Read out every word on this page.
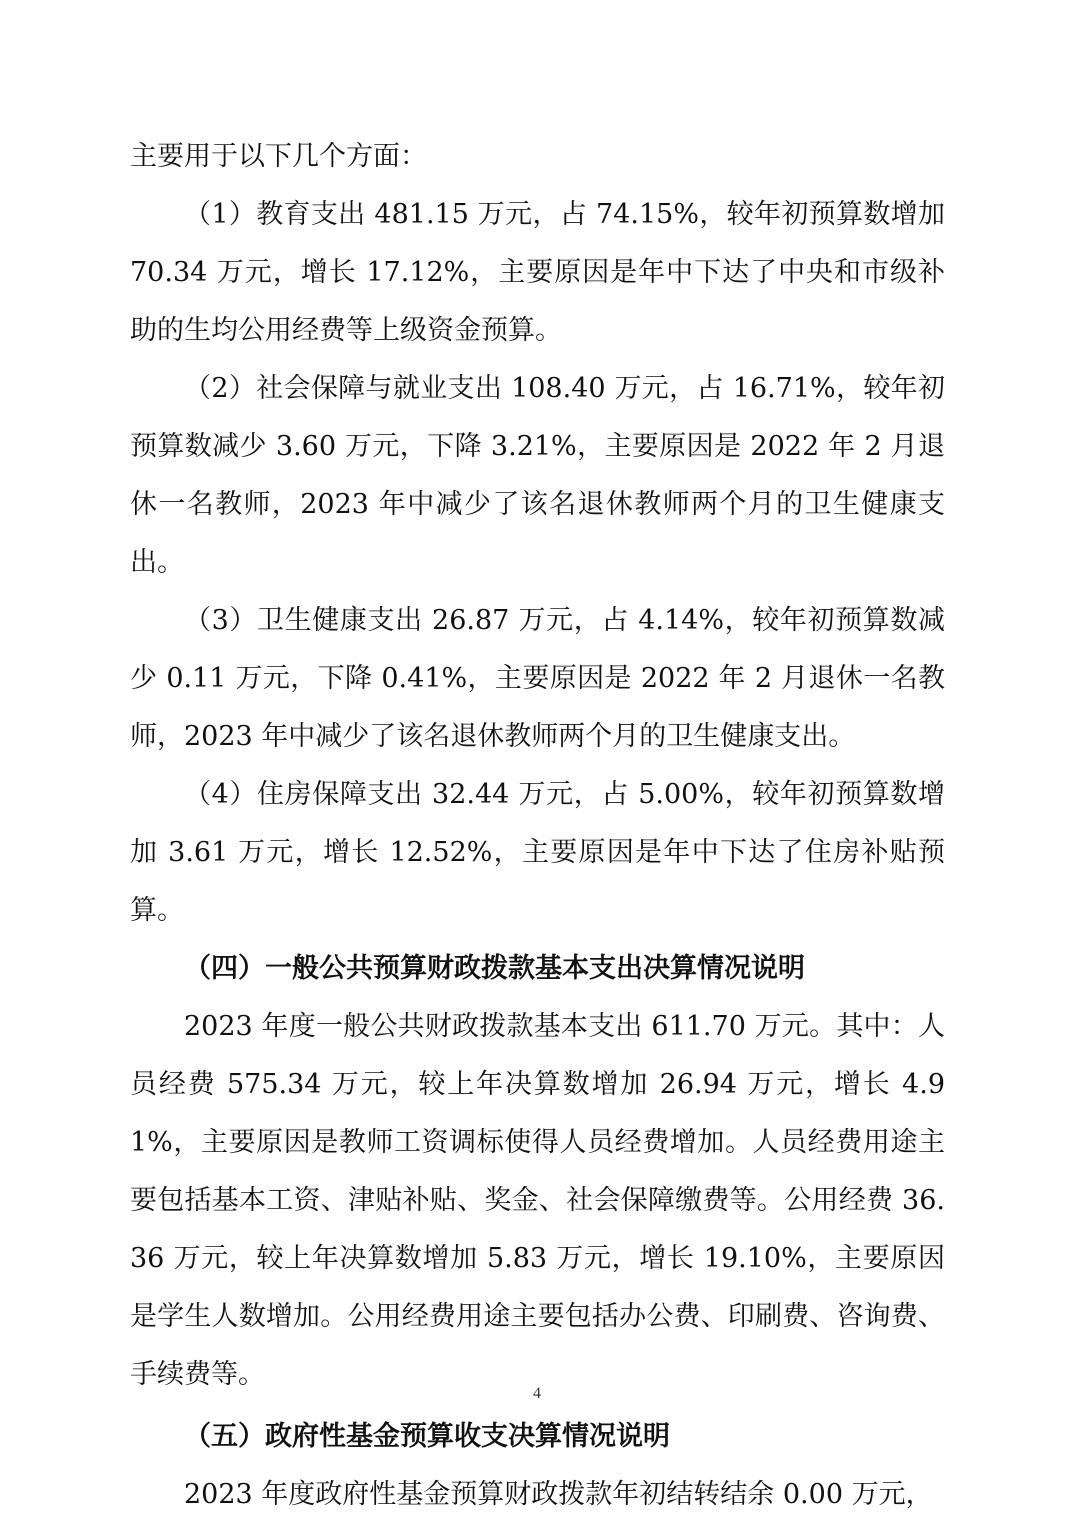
主要用于以下几个方面：

（1）教育支出 481.15 万元，占 74.15%，较年初预算数增加 70.34 万元，增长 17.12%，主要原因是年中下达了中央和市级补助的生均公用经费等上级资金预算。

（2）社会保障与就业支出 108.40 万元，占 16.71%，较年初预算数减少 3.60 万元，下降 3.21%，主要原因是 2022 年 2 月退休一名教师，2023 年中减少了该名退休教师两个月的卫生健康支出。

（3）卫生健康支出 26.87 万元，占 4.14%，较年初预算数减少 0.11 万元，下降 0.41%，主要原因是 2022 年 2 月退休一名教师，2023 年中减少了该名退休教师两个月的卫生健康支出。

（4）住房保障支出 32.44 万元，占 5.00%，较年初预算数增加 3.61 万元，增长 12.52%，主要原因是年中下达了住房补贴预算。

（四）一般公共预算财政拨款基本支出决算情况说明

2023 年度一般公共财政拨款基本支出 611.70 万元。其中：人员经费 575.34 万元，较上年决算数增加 26.94 万元，增长 4.91%，主要原因是教师工资调标使得人员经费增加。人员经费用途主要包括基本工资、津贴补贴、奖金、社会保障缴费等。公用经费 36.36 万元，较上年决算数增加 5.83 万元，增长 19.10%，主要原因是学生人数增加。公用经费用途主要包括办公费、印刷费、咨询费、手续费等。

（五）政府性基金预算收支决算情况说明

2023 年度政府性基金预算财政拨款年初结转结余 0.00 万元，

4
